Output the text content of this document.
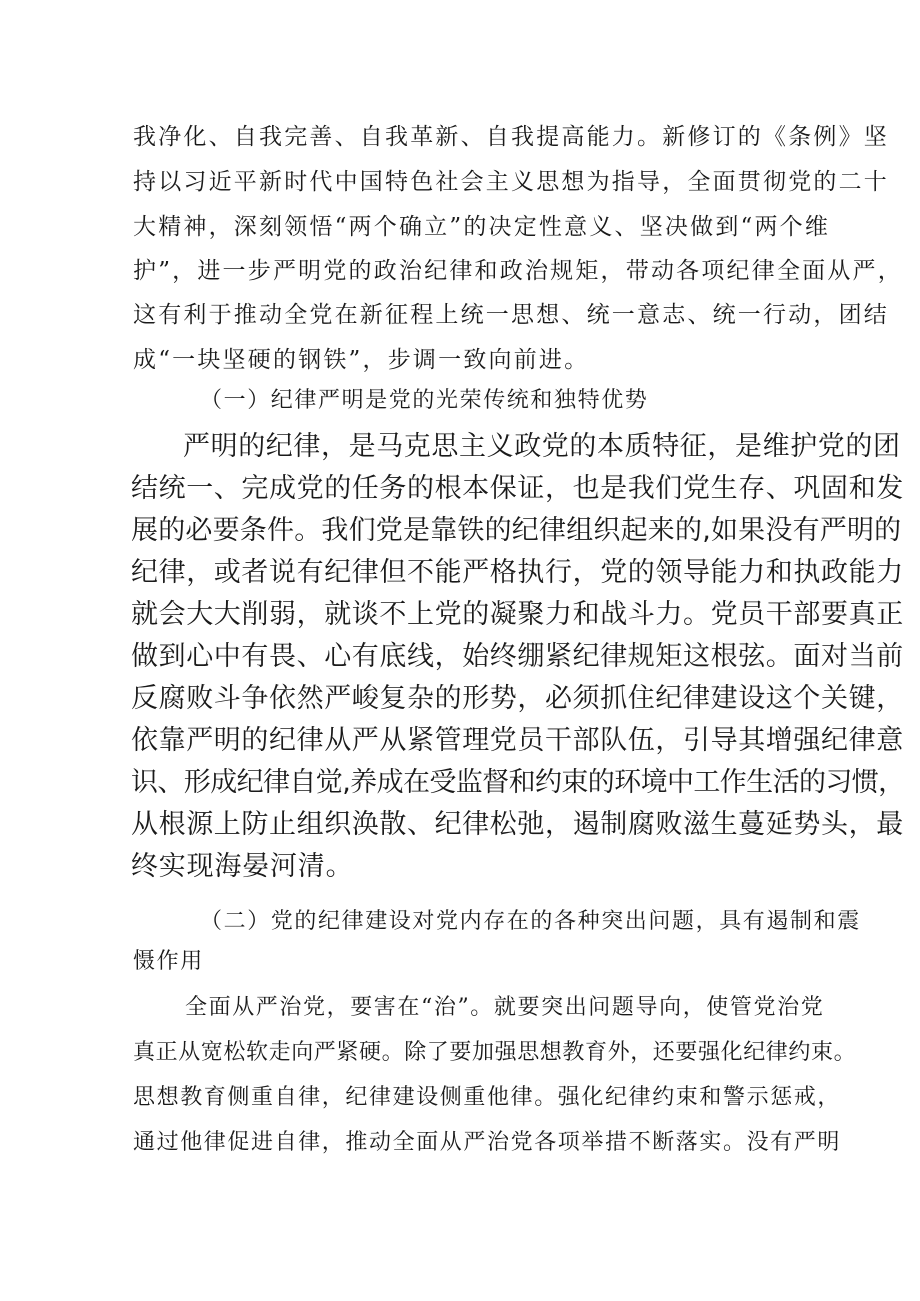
我净化、自我完善、自我革新、自我提高能力。新修订的《条例》坚

持以习近平新时代中国特色社会主义思想为指导，全面贯彻党的二十

大精神，深刻领悟“两个确立”的决定性意义、坚决做到“两个维

护”，进一步严明党的政治纪律和政治规矩，带动各项纪律全面从严，

这有利于推动全党在新征程上统一思想、统一意志、统一行动，团结

成“一块坚硬的钢铁”，步调一致向前进。

（一）纪律严明是党的光荣传统和独特优势

严明的纪律，是马克思主义政党的本质特征，是维护党的团

结统一、完成党的任务的根本保证，也是我们党生存、巩固和发

展的必要条件。我们党是靠铁的纪律组织起来的,如果没有严明的

纪律，或者说有纪律但不能严格执行，党的领导能力和执政能力

就会大大削弱，就谈不上党的凝聚力和战斗力。党员干部要真正

做到心中有畏、心有底线，始终绷紧纪律规矩这根弦。面对当前

反腐败斗争依然严峻复杂的形势，必须抓住纪律建设这个关键，

依靠严明的纪律从严从紧管理党员干部队伍，引导其增强纪律意

识、形成纪律自觉,养成在受监督和约束的环境中工作生活的习惯，

从根源上防止组织涣散、纪律松弛，遏制腐败滋生蔓延势头，最

终实现海晏河清。

（二）党的纪律建设对党内存在的各种突出问题，具有遏制和震

慑作用

全面从严治党，要害在“治”。就要突出问题导向，使管党治党

真正从宽松软走向严紧硬。除了要加强思想教育外，还要强化纪律约束。

思想教育侧重自律，纪律建设侧重他律。强化纪律约束和警示惩戒，

通过他律促进自律，推动全面从严治党各项举措不断落实。没有严明
